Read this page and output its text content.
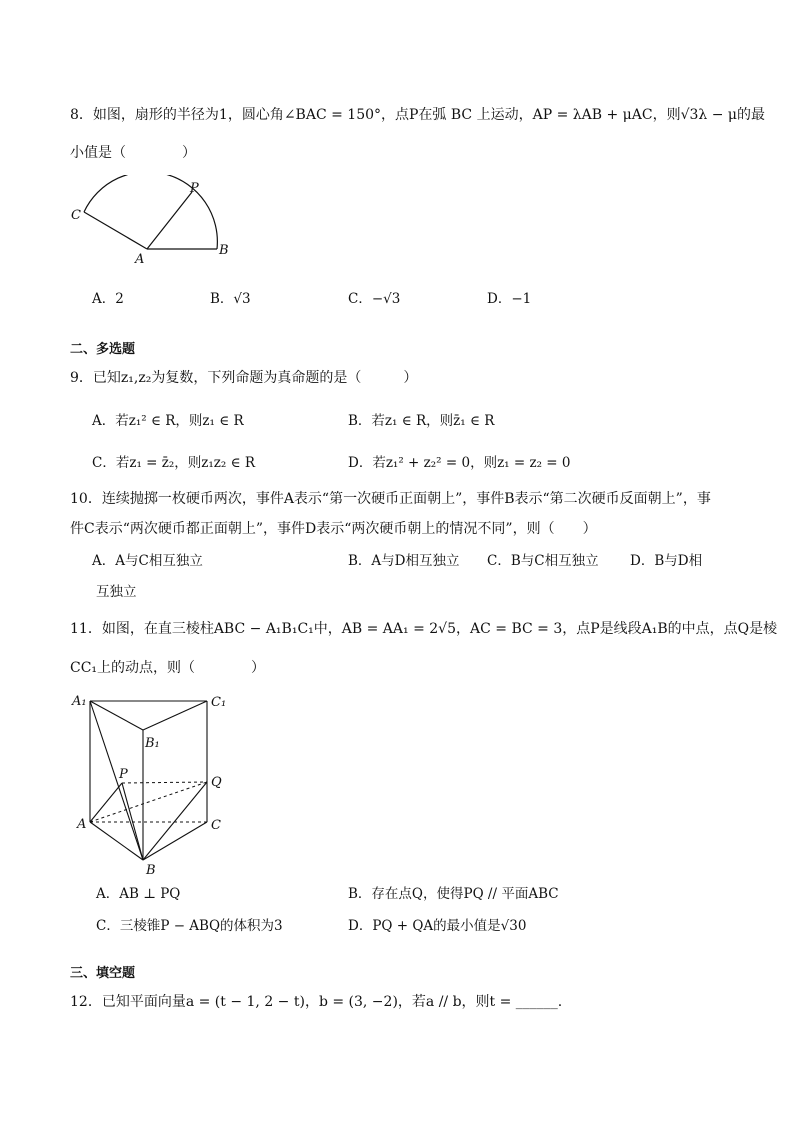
8．如图，扇形的半径为1，圆心角∠BAC = 150°，点P在弧 BC 上运动，AP = λAB + μAC，则√3λ − μ的最
小值是（　　　　）
C
P
A
B
A．2	B．√3	C．−√3	D．−1
二、多选题
9．已知z₁,z₂为复数，下列命题为真命题的是（　　　）
A．若z₁² ∈ R，则z₁ ∈ R	B．若z₁ ∈ R，则z̄₁ ∈ R
C．若z₁ = z̄₂，则z₁z₂ ∈ R	D．若z₁² + z₂² = 0，则z₁ = z₂ = 0
10．连续抛掷一枚硬币两次，事件A表示“第一次硬币正面朝上”，事件B表示“第二次硬币反面朝上”，事
件C表示“两次硬币都正面朝上”，事件D表示“两次硬币朝上的情况不同”，则（　　）
A．A与C相互独立	B．A与D相互独立 C．B与C相互独立 D．B与D相
互独立
11．如图，在直三棱柱ABC − A₁B₁C₁中，AB = AA₁ = 2√5，AC = BC = 3，点P是线段A₁B的中点，点Q是棱
CC₁上的动点，则（　　　　）
A₁	C₁
B₁
P
Q
A	C
B
A．AB ⊥ PQ	B．存在点Q，使得PQ // 平面ABC
C．三棱锥P − ABQ的体积为3	D．PQ + QA的最小值是√30
三、填空题
12．已知平面向量a = (t − 1, 2 − t)，b = (3, −2)，若a // b，则t = ______.
